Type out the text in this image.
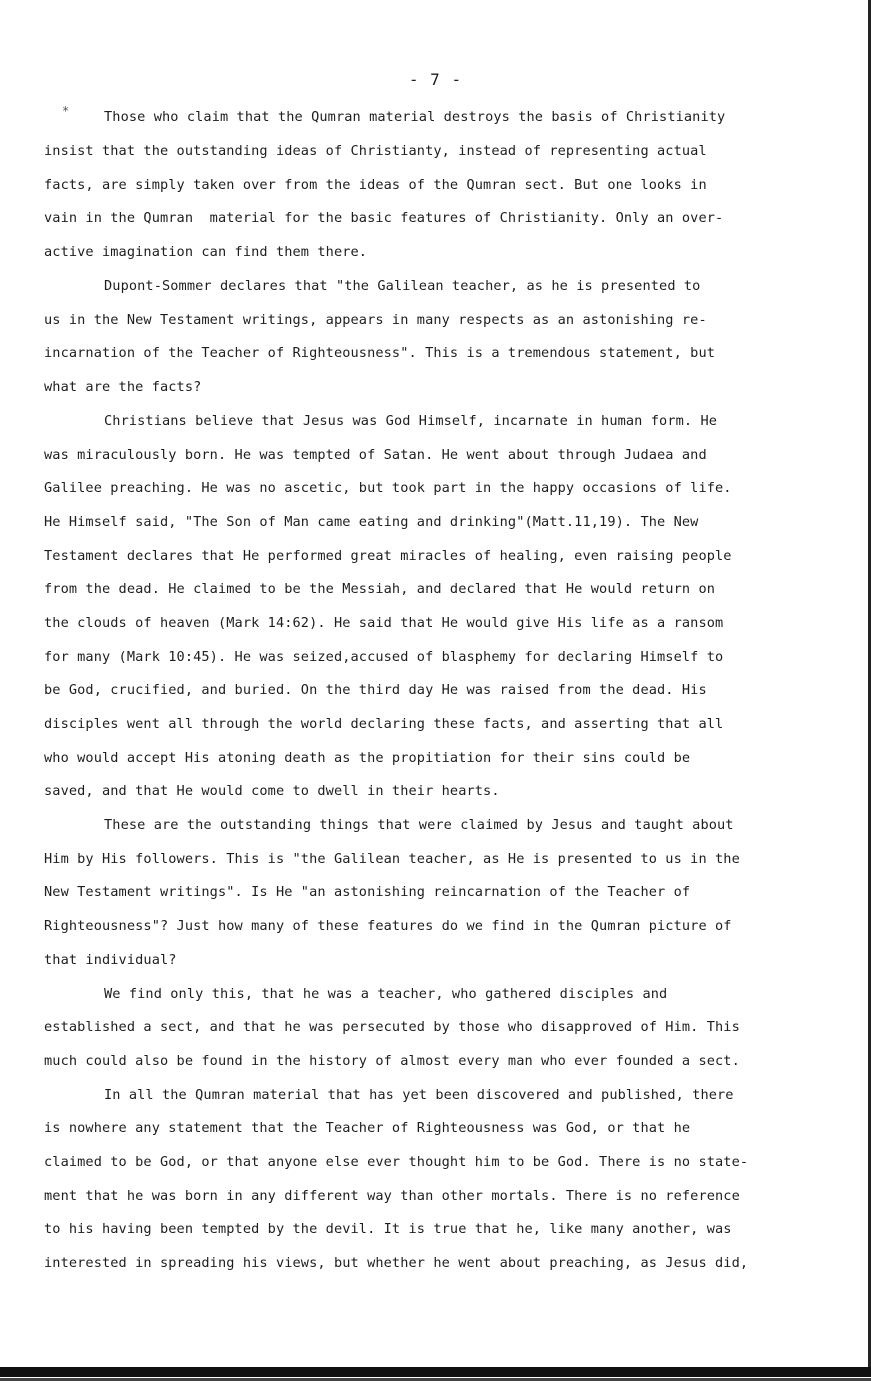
- 7 -
*	Those who claim that the Qumran material destroys the basis of Christianity
insist that the outstanding ideas of Christianty, instead of representing actual
facts, are simply taken over from the ideas of the Qumran sect. But one looks in
vain in the Qumran  material for the basic features of Christianity. Only an over-
active imagination can find them there.
Dupont-Sommer declares that "the Galilean teacher, as he is presented to
us in the New Testament writings, appears in many respects as an astonishing re-
incarnation of the Teacher of Righteousness". This is a tremendous statement, but
what are the facts?
Christians believe that Jesus was God Himself, incarnate in human form. He
was miraculously born. He was tempted of Satan. He went about through Judaea and
Galilee preaching. He was no ascetic, but took part in the happy occasions of life.
He Himself said, "The Son of Man came eating and drinking"(Matt.11,19). The New
Testament declares that He performed great miracles of healing, even raising people
from the dead. He claimed to be the Messiah, and declared that He would return on
the clouds of heaven (Mark 14:62). He said that He would give His life as a ransom
for many (Mark 10:45). He was seized,accused of blasphemy for declaring Himself to
be God, crucified, and buried. On the third day He was raised from the dead. His
disciples went all through the world declaring these facts, and asserting that all
who would accept His atoning death as the propitiation for their sins could be
saved, and that He would come to dwell in their hearts.
These are the outstanding things that were claimed by Jesus and taught about
Him by His followers. This is "the Galilean teacher, as He is presented to us in the
New Testament writings". Is He "an astonishing reincarnation of the Teacher of
Righteousness"? Just how many of these features do we find in the Qumran picture of
that individual?
We find only this, that he was a teacher, who gathered disciples and
established a sect, and that he was persecuted by those who disapproved of Him. This
much could also be found in the history of almost every man who ever founded a sect.
In all the Qumran material that has yet been discovered and published, there
is nowhere any statement that the Teacher of Righteousness was God, or that he
claimed to be God, or that anyone else ever thought him to be God. There is no state-
ment that he was born in any different way than other mortals. There is no reference
to his having been tempted by the devil. It is true that he, like many another, was
interested in spreading his views, but whether he went about preaching, as Jesus did,
